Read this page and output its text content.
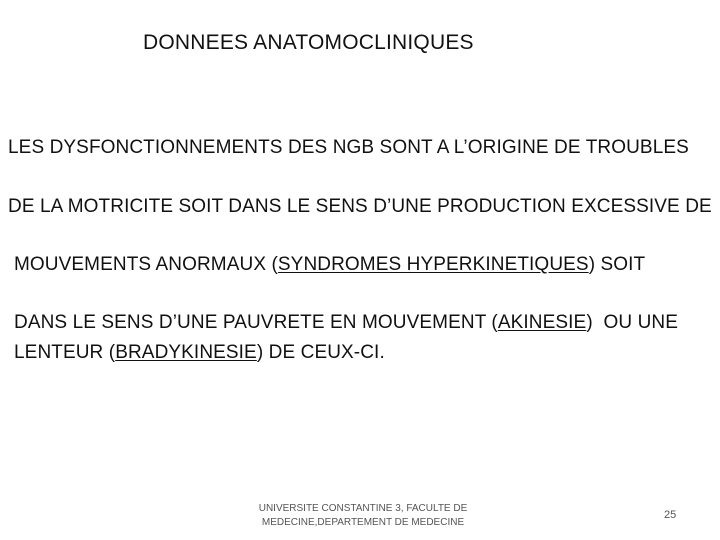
DONNEES ANATOMOCLINIQUES
LES DYSFONCTIONNEMENTS DES NGB SONT A L’ORIGINE DE TROUBLES
DE LA MOTRICITE SOIT DANS LE SENS D’UNE PRODUCTION EXCESSIVE DE
MOUVEMENTS ANORMAUX (SYNDROMES HYPERKINETIQUES) SOIT
DANS LE SENS D’UNE PAUVRETE EN MOUVEMENT (AKINESIE)  OU UNE
LENTEUR (BRADYKINESIE) DE CEUX-CI.
UNIVERSITE CONSTANTINE 3, FACULTE DE
MEDECINE,DEPARTEMENT DE MEDECINE
25
